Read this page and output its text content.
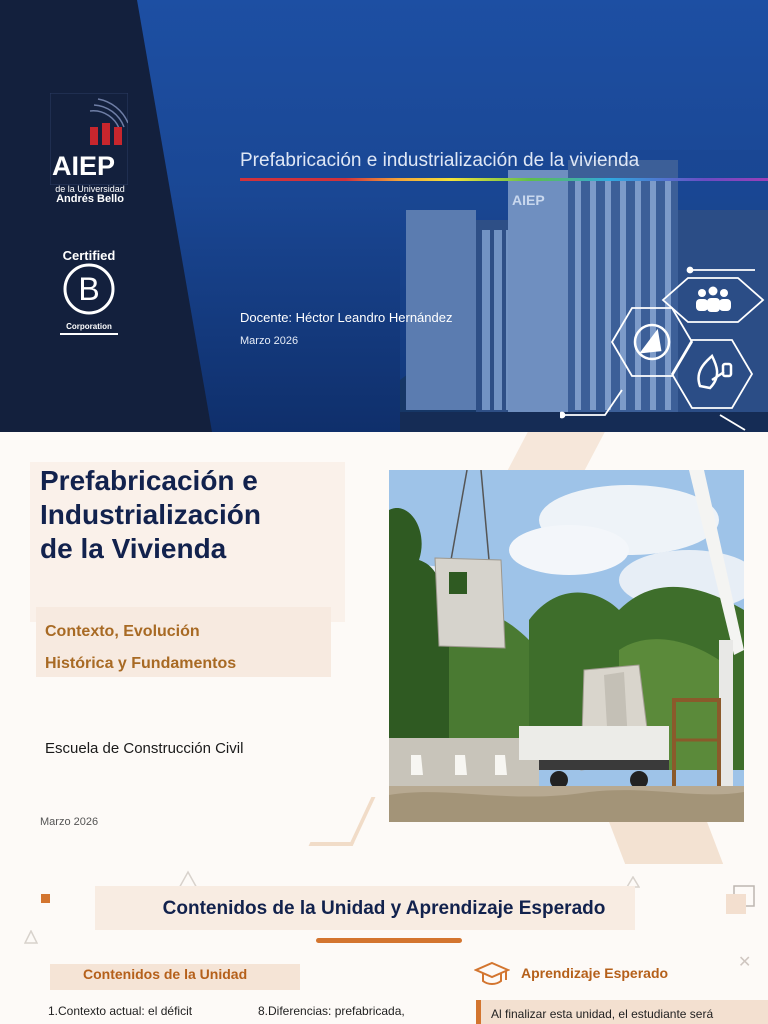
AIEP
AIEP
de la Universidad
Andrés Bello
Certified
B
Corporation
Prefabricación e industrialización de la vivienda
Docente: Héctor Leandro Hernández
Marzo 2026
Prefabricación e
Industrialización
de la Vivienda
Contexto, Evolución
Histórica y Fundamentos
Escuela de Construcción Civil
Marzo 2026
Contenidos de la Unidad y Aprendizaje Esperado
Contenidos de la Unidad
1.Contexto actual: el déficit	8.Diferencias: prefabricada,
Aprendizaje Esperado
✕
Al finalizar esta unidad, el estudiante será
